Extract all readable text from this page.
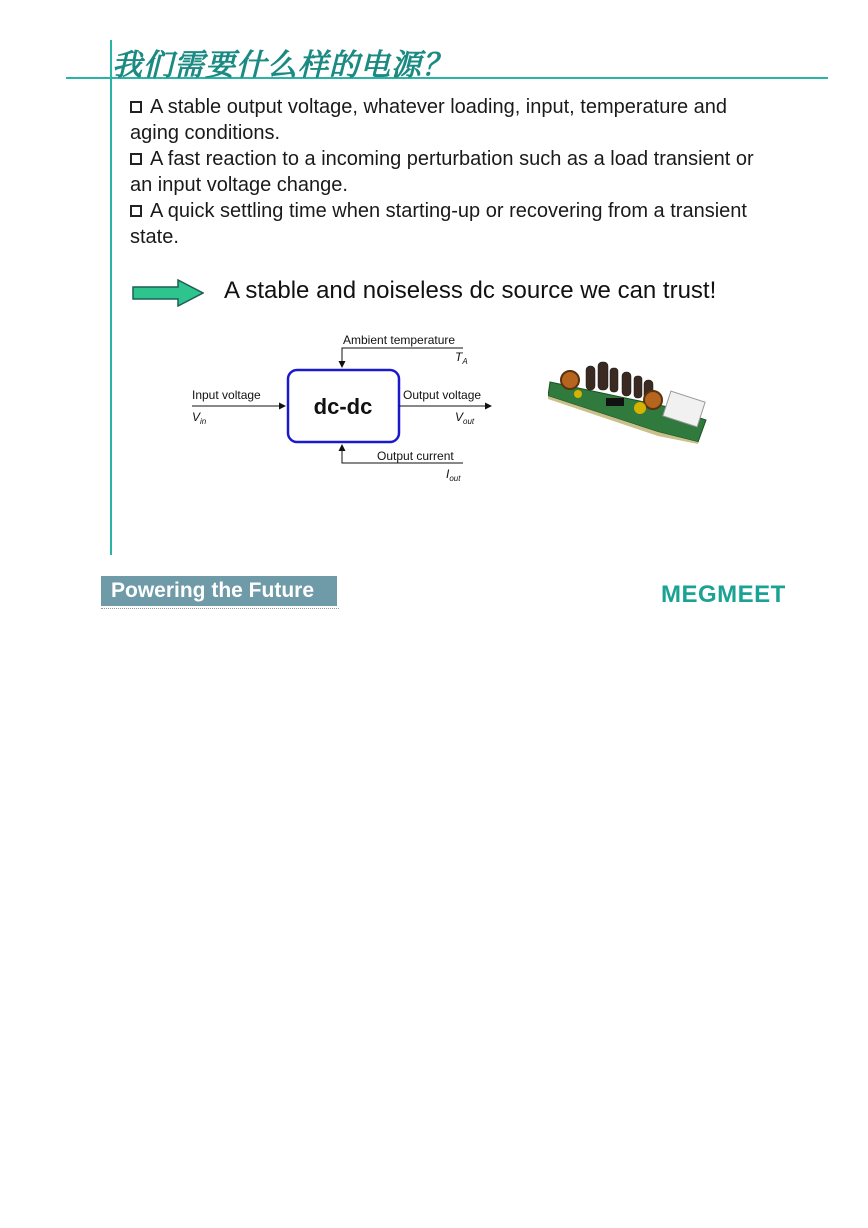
我们需要什么样的电源？

A stable output voltage, whatever loading, input, temperature and aging conditions.

A fast reaction to a incoming perturbation such as a load transient or an input voltage change.

A quick settling time when starting-up or recovering from a transient state.

A stable and noiseless dc source we can trust!
Ambient temperature
$T_A$
dc-dc
Input voltage
$V_{in}$
Output voltage
$V_{out}$
Output current
$I_{out}$
Powering the Future	MEGMEET
